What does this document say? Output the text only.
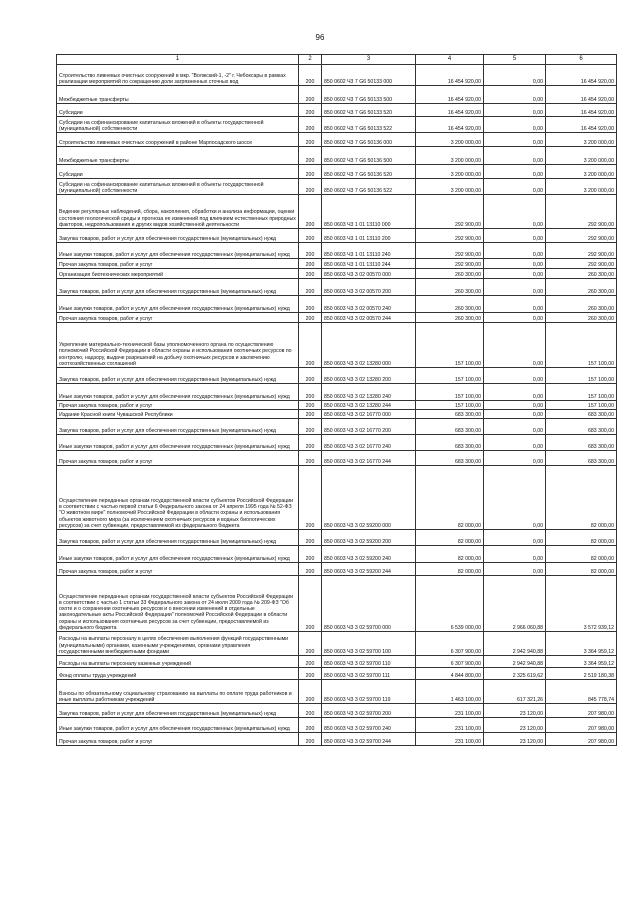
96
1	2	3	4	5	6
Строительство ливневых очистных сооружений в мкр. "Волжский-1, -2" г. Чебоксары в рамках реализации мероприятий по сокращению доли загрязненных сточных вод	200	850 0602 Ч3 7 G6 50133 000	16 454 920,00	0,00	16 454 920,00
Межбюджетные трансферты	200	850 0602 Ч3 7 G6 50133 500	16 454 920,00	0,00	16 454 920,00
Субсидии	200	850 0602 Ч3 7 G6 50133 520	16 454 920,00	0,00	16 454 920,00
Субсидии на софинансирование капитальных вложений в объекты государственной (муниципальной) собственности	200	850 0602 Ч3 7 G6 50133 522	16 454 920,00	0,00	16 454 920,00
Строительство ливневых очистных сооружений в районе Марпосадского шоссе	200	850 0602 Ч3 7 G6 50136 000	3 200 000,00	0,00	3 200 000,00
Межбюджетные трансферты	200	850 0602 Ч3 7 G6 50136 500	3 200 000,00	0,00	3 200 000,00
Субсидии	200	850 0602 Ч3 7 G6 50136 520	3 200 000,00	0,00	3 200 000,00
Субсидии на софинансирование капитальных вложений в объекты государственной (муниципальной) собственности	200	850 0602 Ч3 7 G6 50136 522	3 200 000,00	0,00	3 200 000,00
Ведение регулярных наблюдений, сбора, накопления, обработки и анализа информации, оценки состояния геологической среды и прогноза ее изменений под влиянием естественных природных факторов, недропользования и других видов хозяйственной деятельности	200	850 0603 Ч3 1 01 13110 000	292 900,00	0,00	292 900,00
Закупка товаров, работ и услуг для обеспечения государственных (муниципальных) нужд	200	850 0603 Ч3 1 01 13110 200	292 900,00	0,00	292 900,00
Иные закупки товаров, работ и услуг для обеспечения государственных (муниципальных) нужд	200	850 0603 Ч3 1 01 13110 240	292 900,00	0,00	292 900,00
Прочая закупка товаров, работ и услуг	200	850 0603 Ч3 1 01 13110 244	292 900,00	0,00	292 900,00
Организация биотехнических мероприятий	200	850 0603 Ч3 3 02 00570 000	260 300,00	0,00	260 300,00
Закупка товаров, работ и услуг для обеспечения государственных (муниципальных) нужд	200	850 0603 Ч3 3 02 00570 200	260 300,00	0,00	260 300,00
Иные закупки товаров, работ и услуг для обеспечения государственных (муниципальных) нужд	200	850 0603 Ч3 3 02 00570 240	260 300,00	0,00	260 300,00
Прочая закупка товаров, работ и услуг	200	850 0603 Ч3 3 02 00570 244	260 300,00	0,00	260 300,00
Укрепление материально-технической базы уполномоченного органа по осуществлению полномочий Российской Федерации в области охраны и использования охотничьих ресурсов по контролю, надзору, выдаче разрешений на добычу охотничьих ресурсов и заключению охотхозяйственных соглашений	200	850 0603 Ч3 3 02 13280 000	157 100,00	0,00	157 100,00
Закупка товаров, работ и услуг для обеспечения государственных (муниципальных) нужд	200	850 0603 Ч3 3 02 13280 200	157 100,00	0,00	157 100,00
Иные закупки товаров, работ и услуг для обеспечения государственных (муниципальных) нужд	200	850 0603 Ч3 3 02 13280 240	157 100,00	0,00	157 100,00
Прочая закупка товаров, работ и услуг	200	850 0603 Ч3 3 02 13280 244	157 100,00	0,00	157 100,00
Издание Красной книги Чувашской Республики	200	850 0603 Ч3 3 02 16770 000	683 300,00	0,00	683 300,00
Закупка товаров, работ и услуг для обеспечения государственных (муниципальных) нужд	200	850 0603 Ч3 3 02 16770 200	683 300,00	0,00	683 300,00
Иные закупки товаров, работ и услуг для обеспечения государственных (муниципальных) нужд	200	850 0603 Ч3 3 02 16770 240	683 300,00	0,00	683 300,00
Прочая закупка товаров, работ и услуг	200	850 0603 Ч3 3 02 16770 244	683 300,00	0,00	683 300,00
Осуществление переданных органам государственной власти субъектов Российской Федерации в соответствии с частью первой статьи 6 Федерального закона от 24 апреля 1995 года № 52-ФЗ "О животном мире" полномочий Российской Федерации в области охраны и использования объектов животного мира (за исключением охотничьих ресурсов и водных биологических ресурсов) за счет субвенции, предоставляемой из федерального бюджета	200	850 0603 Ч3 3 02 59200 000	82 000,00	0,00	82 000,00
Закупка товаров, работ и услуг для обеспечения государственных (муниципальных) нужд	200	850 0603 Ч3 3 02 59200 200	82 000,00	0,00	82 000,00
Иные закупки товаров, работ и услуг для обеспечения государственных (муниципальных) нужд	200	850 0603 Ч3 3 02 59200 240	82 000,00	0,00	82 000,00
Прочая закупка товаров, работ и услуг	200	850 0603 Ч3 3 02 59200 244	82 000,00	0,00	82 000,00
Осуществление переданных органам государственной власти субъектов Российской Федерации в соответствии с частью 1 статьи 33 Федерального закона от 24 июля 2009 года № 209-ФЗ "Об охоте и о сохранении охотничьих ресурсов и о внесении изменений в отдельные законодательные акты Российской Федерации" полномочий Российской Федерации в области охраны и использования охотничьих ресурсов за счет субвенции, предоставляемой из федерального бюджета	200	850 0603 Ч3 3 02 59700 000	6 539 000,00	2 966 060,88	3 572 939,12
Расходы на выплаты персоналу в целях обеспечения выполнения функций государственными (муниципальными) органами, казенными учреждениями, органами управления государственными внебюджетными фондами	200	850 0603 Ч3 3 02 59700 100	6 307 900,00	2 942 940,88	3 364 959,12
Расходы на выплаты персоналу казенных учреждений	200	850 0603 Ч3 3 02 59700 110	6 307 900,00	2 942 940,88	3 364 959,12
Фонд оплаты труда учреждений	200	850 0603 Ч3 3 02 59700 111	4 844 800,00	2 325 619,62	2 519 180,38
Взносы по обязательному социальному страхованию на выплаты по оплате труда работников и иные выплаты работникам учреждений	200	850 0603 Ч3 3 02 59700 119	1 463 100,00	617 321,26	845 778,74
Закупка товаров, работ и услуг для обеспечения государственных (муниципальных) нужд	200	850 0603 Ч3 3 02 59700 200	231 100,00	23 120,00	207 980,00
Иные закупки товаров, работ и услуг для обеспечения государственных (муниципальных) нужд	200	850 0603 Ч3 3 02 59700 240	231 100,00	23 120,00	207 980,00
Прочая закупка товаров, работ и услуг	200	850 0603 Ч3 3 02 59700 244	231 100,00	23 120,00	207 980,00
